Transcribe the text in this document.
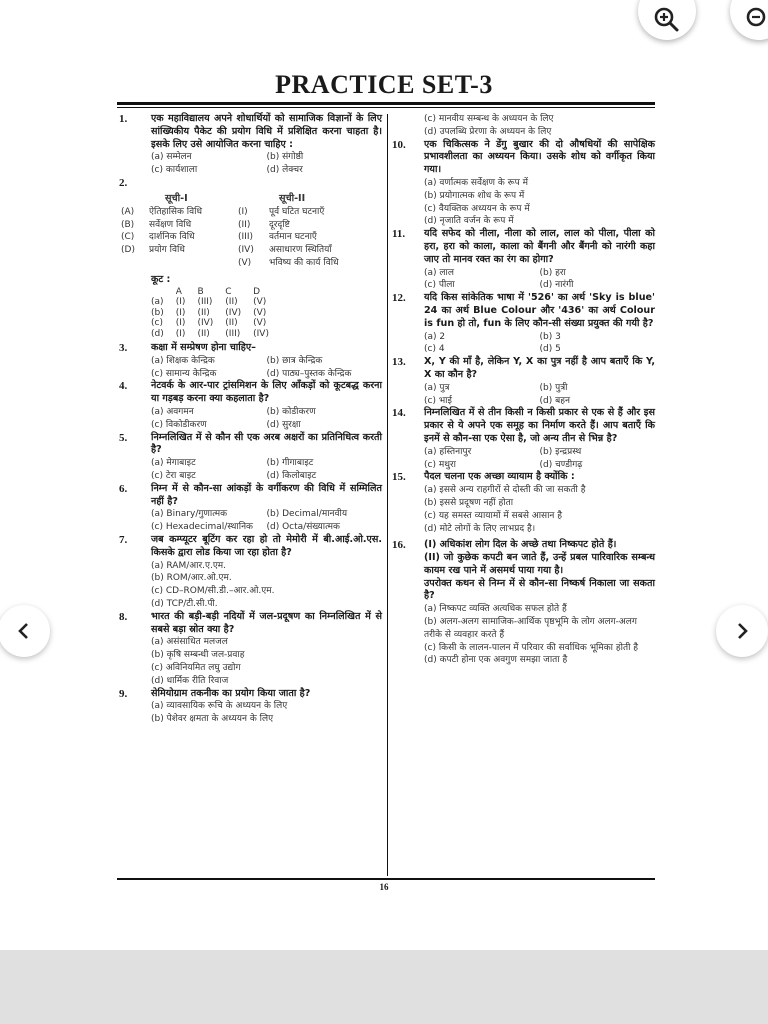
PRACTICE SET-3
1. एक महाविद्यालय अपने शोधार्थियों को सामाजिक विज्ञानों के लिए सांख्यिकीय पैकेट की प्रयोग विधि में प्रशिक्षित करना चाहता है। इसके लिए उसे आयोजित करना चाहिए :
(a) सम्मेलन	(b) संगोष्ठी
(c) कार्यशाला	(d) लेक्चर
2.
	सूची-I		सूची-II
(A)	ऐतिहासिक विधि	(I)	पूर्व घटित घटनाएँ
(B)	सर्वेक्षण विधि	(II)	दूरदृष्टि
(C)	दार्शनिक विधि	(III)	वर्तमान घटनाएँ
(D)	प्रयोग विधि	(IV)	असाधारण स्थितियाँ
		(V)	भविष्य की कार्य विधि
कूट :
	A	B	C	D
(a)	(I)	(III)	(II)	(V)
(b)	(I)	(II)	(IV)	(V)
(c)	(I)	(IV)	(II)	(V)
(d)	(I)	(II)	(III)	(IV)
3. कक्षा में सम्प्रेषण होना चाहिए–
(a) शिक्षक केन्द्रिक	(b) छात्र केन्द्रिक
(c) सामान्य केन्द्रिक	(d) पाठ्य–पुस्तक केन्द्रिक
4. नेटवर्क के आर-पार ट्रांसमिशन के लिए आँकड़ों को कूटबद्ध करना या गड़बड़ करना क्या कहलाता है?
(a) अवगमन	(b) कोडीकरण
(c) विकोडीकरण	(d) सुरक्षा
5. निम्नलिखित में से कौन सी एक अरब अक्षरों का प्रतिनिधित्व करती है?
(a) मेगाबाइट	(b) गीगाबाइट
(c) टेरा बाइट	(d) किलोबाइट
6. निम्न में से कौन-सा आंकड़ों के वर्गीकरण की विधि में सम्मिलित नहीं है?
(a) Binary/गुणात्मक	(b) Decimal/मानवीय
(c) Hexadecimal/स्थानिक	(d) Octa/संख्यात्मक
7. जब कम्प्यूटर बूटिंग कर रहा हो तो मेमोरी में बी.आई.ओ.एस. किसके द्वारा लोड किया जा रहा होता है?
(a) RAM/आर.ए.एम.
(b) ROM/आर.ओ.एम.
(c) CD–ROM/सी.डी.–आर.ओ.एम.
(d) TCP/टी.सी.पी.
8. भारत की बड़ी-बड़ी नदियों में जल-प्रदूषण का निम्नलिखित में से सबसे बड़ा स्रोत क्या है?
(a) असंसाधित मलजल
(b) कृषि सम्बन्धी जल-प्रवाह
(c) अविनियमित लघु उद्योग
(d) धार्मिक रीति रिवाज
9. सेमियोग्राम तकनीक का प्रयोग किया जाता है?
(a) व्यावसायिक रूचि के अध्ययन के लिए
(b) पेशेवर क्षमता के अध्ययन के लिए
(c) मानवीय सम्बन्ध के अध्ययन के लिए
(d) उपलब्धि प्रेरणा के अध्ययन के लिए
10. एक चिकित्सक ने डेंगु बुखार की दो औषधियों की सापेक्षिक प्रभावशीलता का अध्ययन किया। उसके शोध को वर्गीकृत किया गया।
(a) वर्णात्मक सर्वेक्षण के रूप में
(b) प्रयोगात्मक शोध के रूप में
(c) वैयक्तिक अध्ययन के रूप में
(d) नृजाति वर्जन के रूप में
11. यदि सफेद को नीला, नीला को लाल, लाल को पीला, पीला को हरा, हरा को काला, काला को बैंगनी और बैंगनी को नारंगी कहा जाए तो मानव रक्त का रंग का होगा?
(a) लाल	(b) हरा
(c) पीला	(d) नारंगी
12. यदि किस सांकेतिक भाषा में '526' का अर्थ 'Sky is blue' 24 का अर्थ Blue Colour और '436' का अर्थ Colour is fun हो तो, fun के लिए कौन-सी संख्या प्रयुक्त की गयी है?
(a) 2	(b) 3
(c) 4	(d) 5
13. X, Y की माँ है, लेकिन Y, X का पुत्र नहीं है आप बताएँ कि Y, X का कौन है?
(a) पुत्र	(b) पुत्री
(c) भाई	(d) बहन
14. निम्नलिखित में से तीन किसी न किसी प्रकार से एक से हैं और इस प्रकार से ये अपने एक समूह का निर्माण करते हैं। आप बताएँ कि इनमें से कौन-सा एक ऐसा है, जो अन्य तीन से भिन्न है?
(a) हस्तिनापुर	(b) इन्द्रप्रस्थ
(c) मथुरा	(d) चण्डीगढ़
15. पैदल चलना एक अच्छा व्यायाम है क्योंकि :
(a) इससे अन्य राहगीरों से दोस्ती की जा सकती है
(b) इससे प्रदूषण नहीं होता
(c) यह समस्त व्यायामों में सबसे आसान है
(d) मोटे लोगों के लिए लाभप्रद है।
16. (I) अधिकांश लोग दिल के अच्छे तथा निष्कपट होते हैं।
(II) जो कुछेक कपटी बन जाते हैं, उन्हें प्रबल पारिवारिक सम्बन्ध कायम रख पाने में असमर्थ पाया गया है।
उपरोक्त कथन से निम्न में से कौन-सा निष्कर्ष निकाला जा सकता है?
(a) निष्कपट व्यक्ति अत्यधिक सफल होते हैं
(b) अलग-अलग सामाजिक-आर्थिक पृष्ठभूमि के लोग अलग-अलग तरीके से व्यवहार करते हैं
(c) किसी के लालन-पालन में परिवार की सर्वाधिक भूमिका होती है
(d) कपटी होना एक अवगुण समझा जाता है
16
